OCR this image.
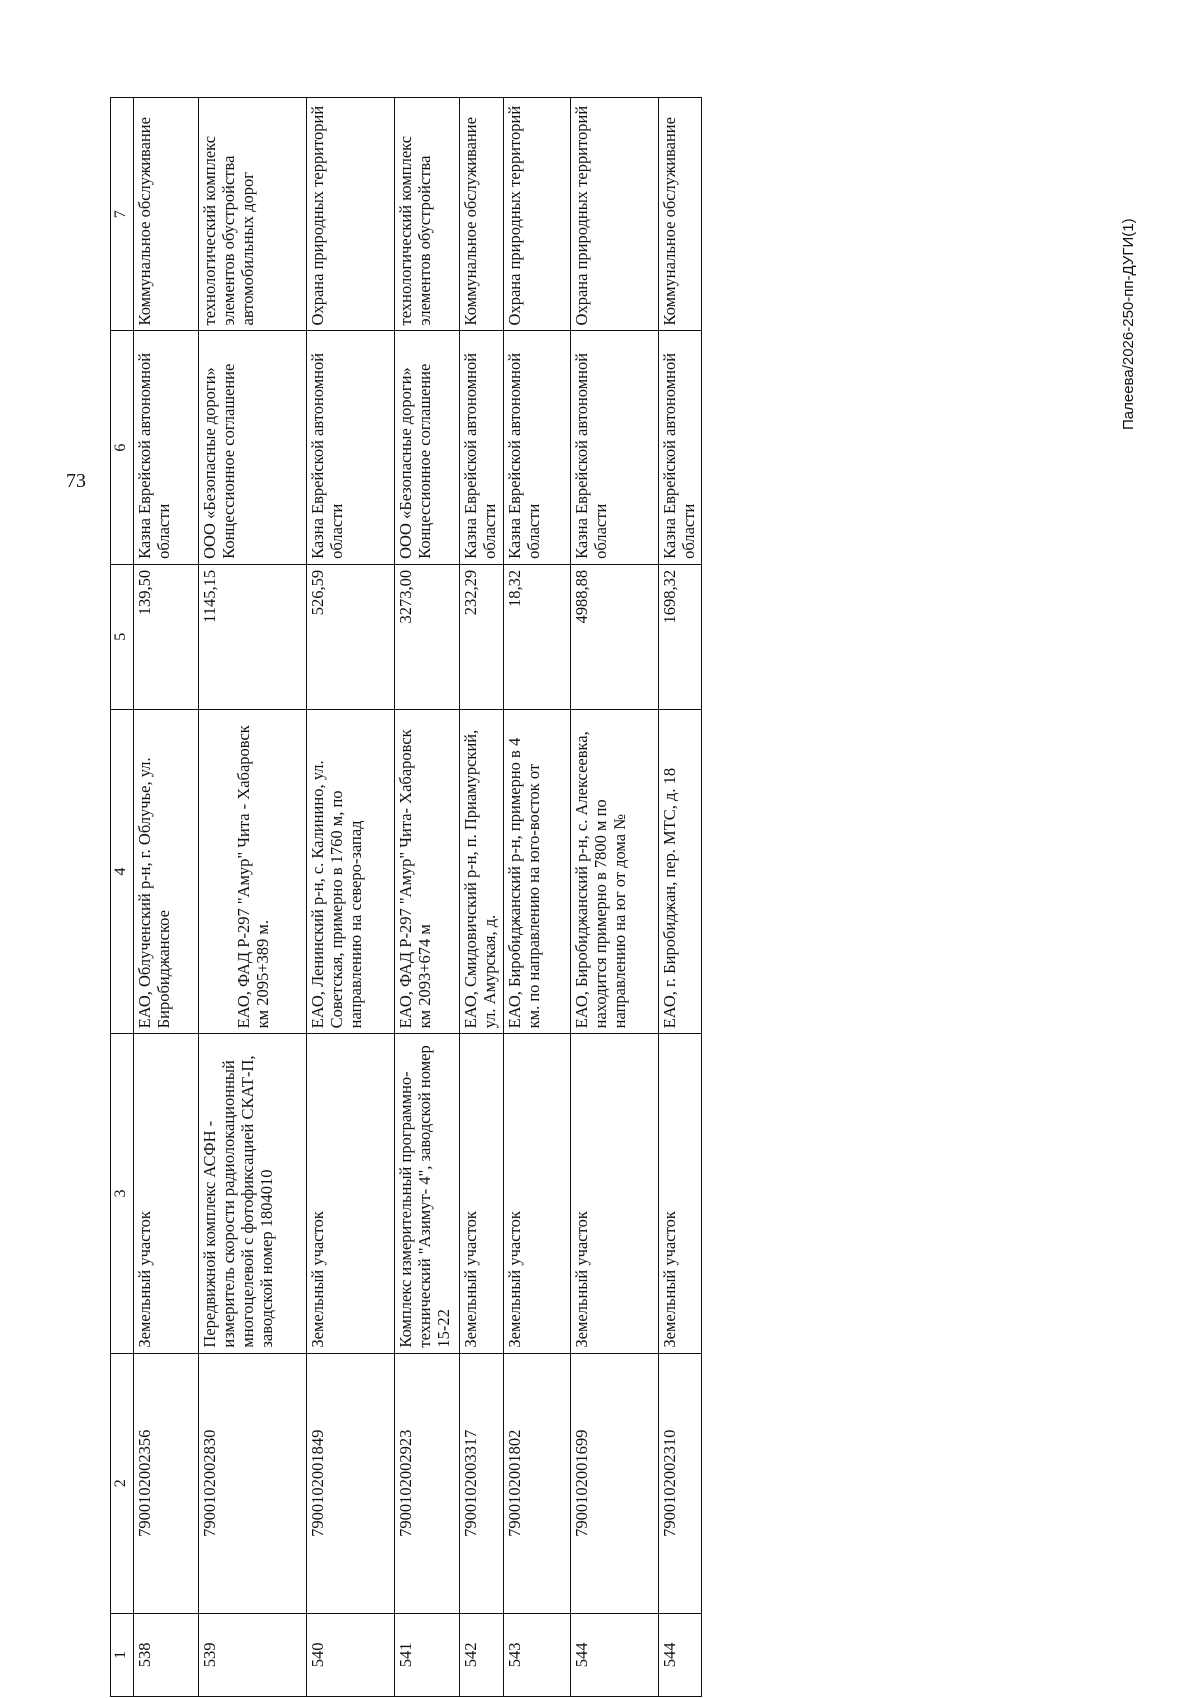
73
1	2	3	4	5	6	7
538	7900102002356	Земельный участок	ЕАО, Облученский р-н, г. Облучье, ул. Биробиджанское	139,50	Казна Еврейской автономной области	Коммунальное обслуживание
539	7900102002830	Передвижной комплекс АСФН - измеритель скорости радиолокационный многоцелевой с фотофиксацией СКАТ-П, заводской номер 1804010	ЕАО, ФАД Р-297 "Амур" Чита - Хабаровск км 2095+389 м.	1145,15	ООО «Безопасные дороги» Концессионное соглашение	технологический комплекс элементов обустройства автомобильных дорог
540	7900102001849	Земельный участок	ЕАО, Ленинский р-н, с. Калинино, ул. Советская, примерно в 1760 м, по направлению на северо-запад	526,59	Казна Еврейской автономной области	Охрана природных территорий
541	7900102002923	Комплекс измерительный программно-технический "Азимут- 4", заводской номер 15-22	ЕАО, ФАД Р-297 "Амур" Чита- Хабаровск км 2093+674 м	3273,00	ООО «Безопасные дороги» Концессионное соглашение	технологический комплекс элементов обустройства
542	7900102003317	Земельный участок	ЕАО, Смидовичский р-н, п. Приамурский, ул. Амурская, д.	232,29	Казна Еврейской автономной области	Коммунальное обслуживание
543	7900102001802	Земельный участок	ЕАО, Биробиджанский р-н, примерно в 4 км. по направлению на юго-восток от	18,32	Казна Еврейской автономной области	Охрана природных территорий
544	7900102001699	Земельный участок	ЕАО, Биробиджанский р-н, с. Алексеевка, находится примерно в 7800 м по направлению на юг от дома №	4988,88	Казна Еврейской автономной области	Охрана природных территорий
544	7900102002310	Земельный участок	ЕАО, г. Биробиджан, пер. МТС, д. 18	1698,32	Казна Еврейской автономной области	Коммунальное обслуживание	Палеева/2026-250-пп-ДУГИ(1)
